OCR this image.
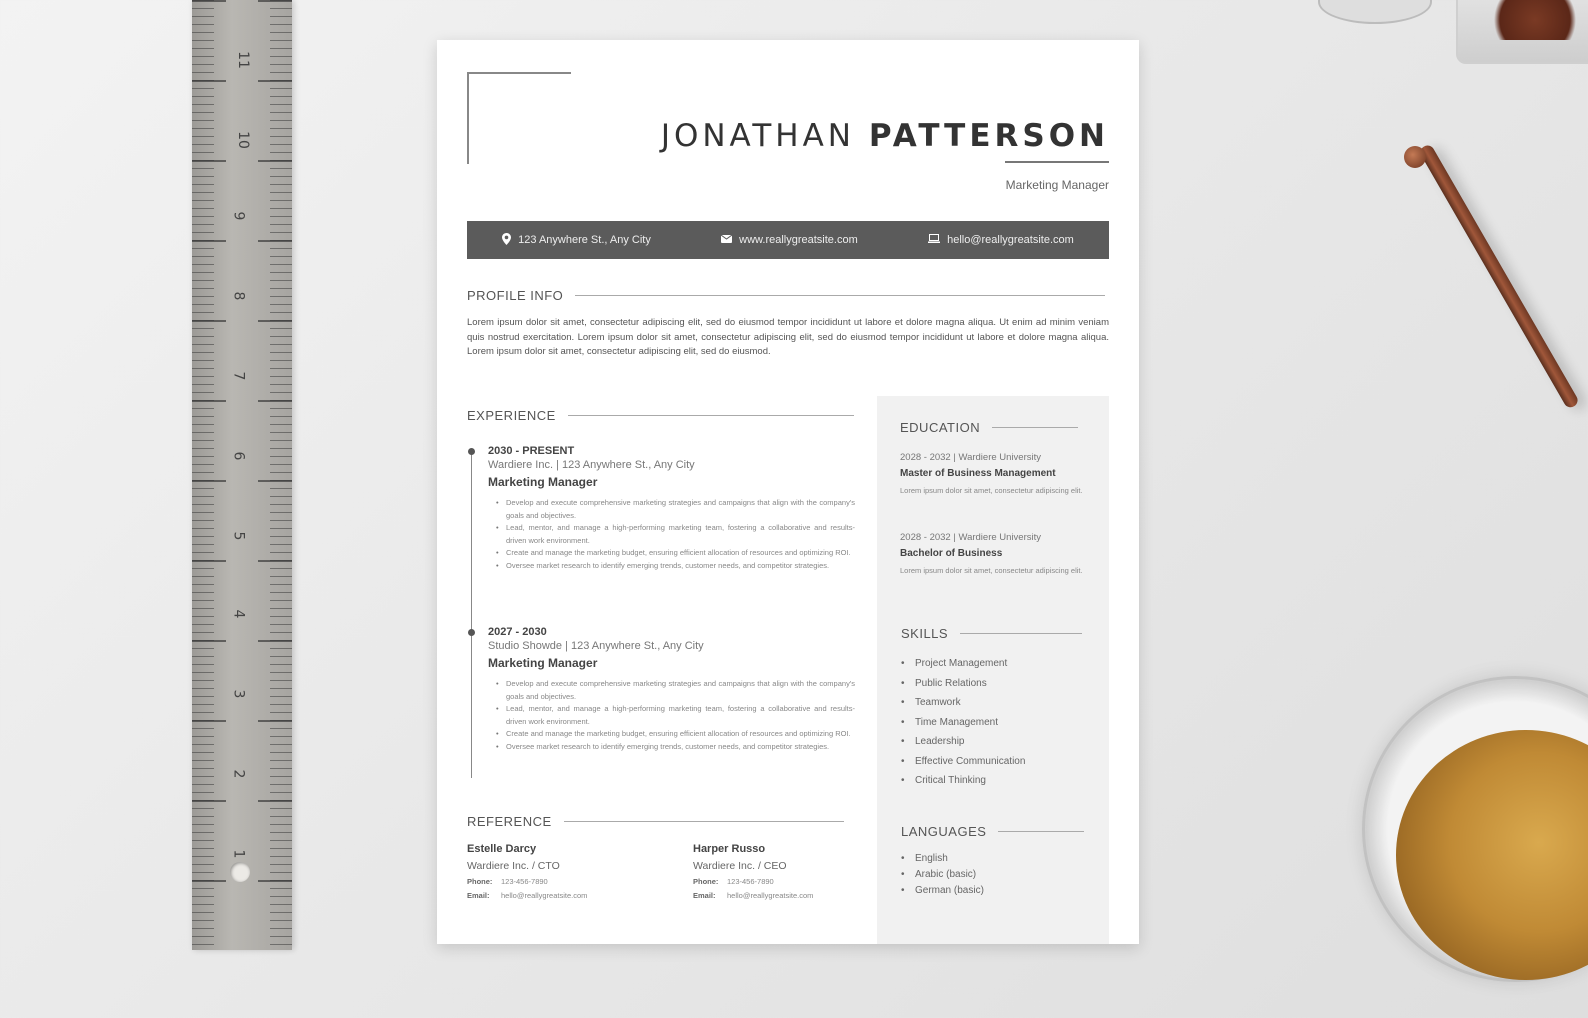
11
10
9
8
7
6
5
4
3
2
1
JONATHAN PATTERSON
Marketing Manager
123 Anywhere St., Any City	www.reallygreatsite.com	hello@reallygreatsite.com
PROFILE INFO
Lorem ipsum dolor sit amet, consectetur adipiscing elit, sed do eiusmod tempor incididunt ut labore et dolore magna aliqua. Ut enim ad minim veniam quis nostrud exercitation. Lorem ipsum dolor sit amet, consectetur adipiscing elit, sed do eiusmod tempor incididunt ut labore et dolore magna aliqua. Lorem ipsum dolor sit amet, consectetur adipiscing elit, sed do eiusmod.
EXPERIENCE
2030 - PRESENT
Wardiere Inc. | 123 Anywhere St., Any City
Marketing Manager
• Develop and execute comprehensive marketing strategies and campaigns that align with the company's goals and objectives.
• Lead, mentor, and manage a high-performing marketing team, fostering a collaborative and results-driven work environment.
• Create and manage the marketing budget, ensuring efficient allocation of resources and optimizing ROI.
• Oversee market research to identify emerging trends, customer needs, and competitor strategies.
2027 - 2030
Studio Showde | 123 Anywhere St., Any City
Marketing Manager
• Develop and execute comprehensive marketing strategies and campaigns that align with the company's goals and objectives.
• Lead, mentor, and manage a high-performing marketing team, fostering a collaborative and results-driven work environment.
• Create and manage the marketing budget, ensuring efficient allocation of resources and optimizing ROI.
• Oversee market research to identify emerging trends, customer needs, and competitor strategies.
REFERENCE
Estelle Darcy
Wardiere Inc. / CTO
Phone: 123-456-7890
Email: hello@reallygreatsite.com
Harper Russo
Wardiere Inc. / CEO
Phone: 123-456-7890
Email: hello@reallygreatsite.com
EDUCATION
2028 - 2032 | Wardiere University
Master of Business Management
Lorem ipsum dolor sit amet, consectetur adipiscing elit.
2028 - 2032 | Wardiere University
Bachelor of Business
Lorem ipsum dolor sit amet, consectetur adipiscing elit.
SKILLS
• Project Management
• Public Relations
• Teamwork
• Time Management
• Leadership
• Effective Communication
• Critical Thinking
LANGUAGES
• English
• Arabic (basic)
• German (basic)
